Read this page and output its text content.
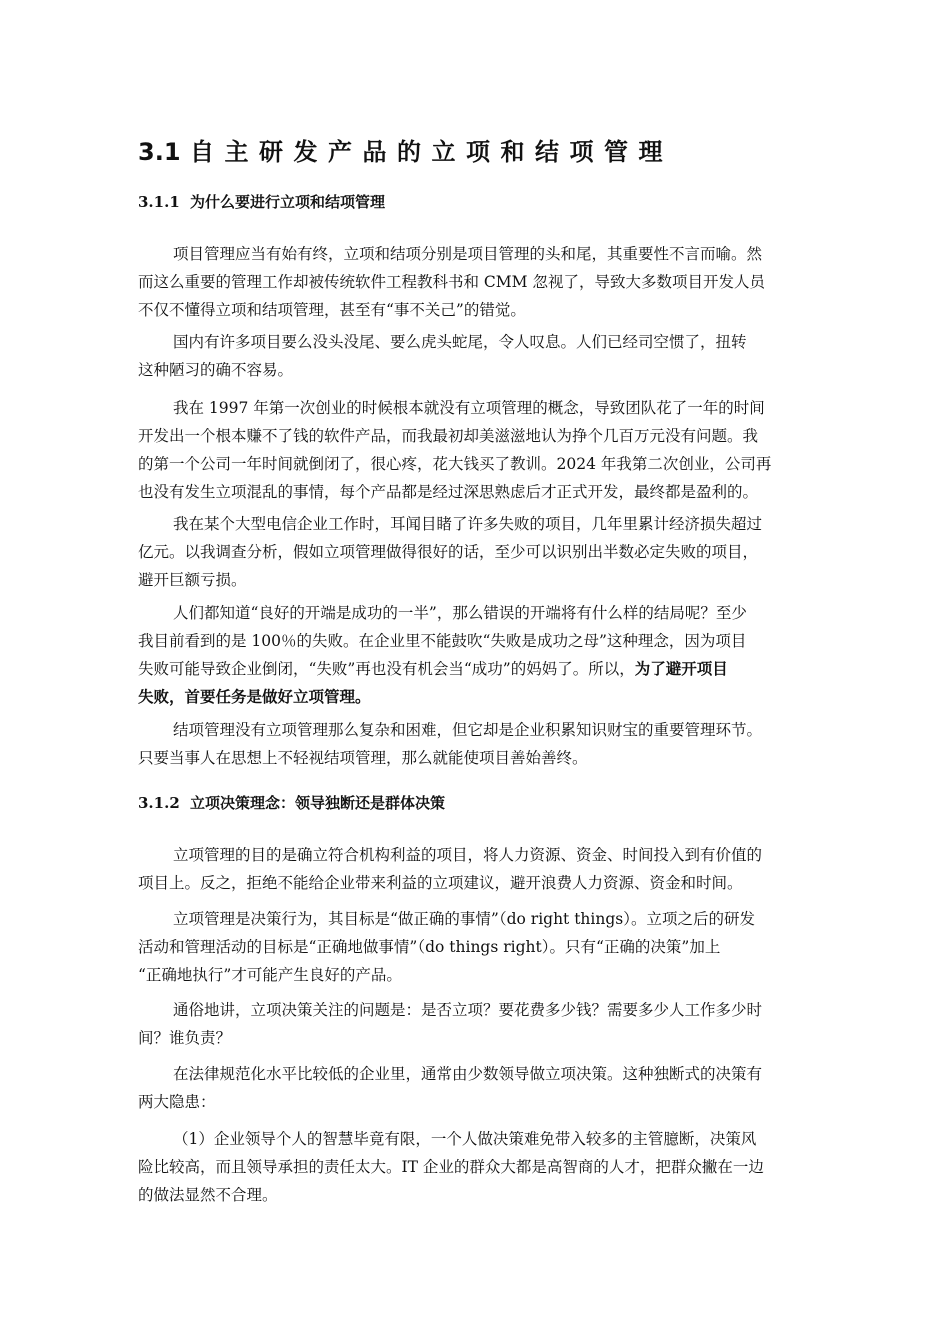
3.1 自主研发产品的立项和结项管理
3.1.1 为什么要进行立项和结项管理
项目管理应当有始有终，立项和结项分别是项目管理的头和尾，其重要性不言而喻。然
而这么重要的管理工作却被传统软件工程教科书和 CMM 忽视了，导致大多数项目开发人员
不仅不懂得立项和结项管理，甚至有“事不关己”的错觉。
国内有许多项目要么没头没尾、要么虎头蛇尾，令人叹息。人们已经司空惯了，扭转
这种陋习的确不容易。
我在 1997 年第一次创业的时候根本就没有立项管理的概念，导致团队花了一年的时间
开发出一个根本赚不了钱的软件产品，而我最初却美滋滋地认为挣个几百万元没有问题。我
的第一个公司一年时间就倒闭了，很心疼，花大钱买了教训。2024 年我第二次创业，公司再
也没有发生立项混乱的事情，每个产品都是经过深思熟虑后才正式开发，最终都是盈利的。
我在某个大型电信企业工作时，耳闻目睹了许多失败的项目，几年里累计经济损失超过
亿元。以我调查分析，假如立项管理做得很好的话，至少可以识别出半数必定失败的项目，
避开巨额亏损。
人们都知道“良好的开端是成功的一半”，那么错误的开端将有什么样的结局呢？至少
我目前看到的是 100％的失败。在企业里不能鼓吹“失败是成功之母”这种理念，因为项目
失败可能导致企业倒闭，“失败”再也没有机会当“成功”的妈妈了。所以，为了避开项目
失败，首要任务是做好立项管理。
结项管理没有立项管理那么复杂和困难，但它却是企业积累知识财宝的重要管理环节。
只要当事人在思想上不轻视结项管理，那么就能使项目善始善终。
3.1.2 立项决策理念：领导独断还是群体决策
立项管理的目的是确立符合机构利益的项目，将人力资源、资金、时间投入到有价值的
项目上。反之，拒绝不能给企业带来利益的立项建议，避开浪费人力资源、资金和时间。
立项管理是决策行为，其目标是“做正确的事情”（do right things）。立项之后的研发
活动和管理活动的目标是“正确地做事情”（do things right）。只有“正确的决策”加上
“正确地执行”才可能产生良好的产品。
通俗地讲，立项决策关注的问题是：是否立项？要花费多少钱？需要多少人工作多少时
间？谁负责？
在法律规范化水平比较低的企业里，通常由少数领导做立项决策。这种独断式的决策有
两大隐患：
（1）企业领导个人的智慧毕竟有限，一个人做决策难免带入较多的主管臆断，决策风
险比较高，而且领导承担的责任太大。IT 企业的群众大都是高智商的人才，把群众撇在一边
的做法显然不合理。
